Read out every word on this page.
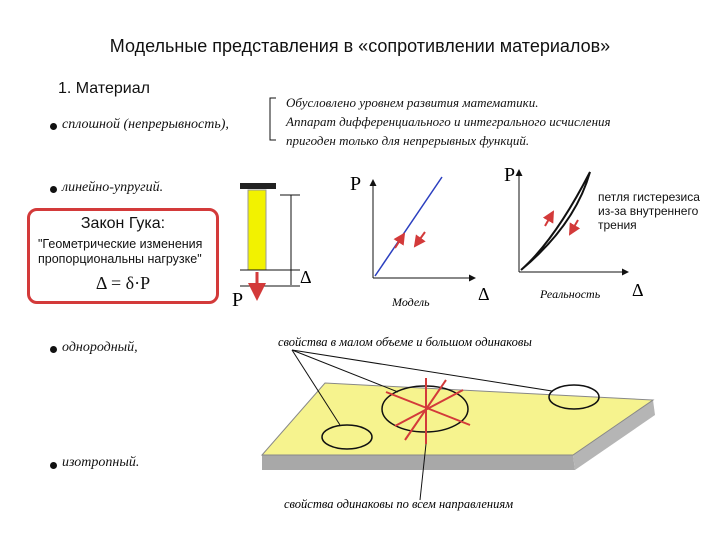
Модельные представления в «сопротивлении материалов»
1. Материал
сплошной (непрерывность),
линейно-упругий.
однородный,
изотропный.
Обусловлено уровнем развития математики.
Аппарат дифференциального и интегрального исчисления
пригоден только для непрерывных функций.
Закон Гука:
"Геометрические изменения
пропорциональны нагрузке"
Δ = δ·P
петля гистерезиса
из-за внутреннего
трения
P
Δ
P
Δ
Модель
P
Δ
Реальность
свойства в малом объеме и большом одинаковы
свойства одинаковы по всем направлениям
